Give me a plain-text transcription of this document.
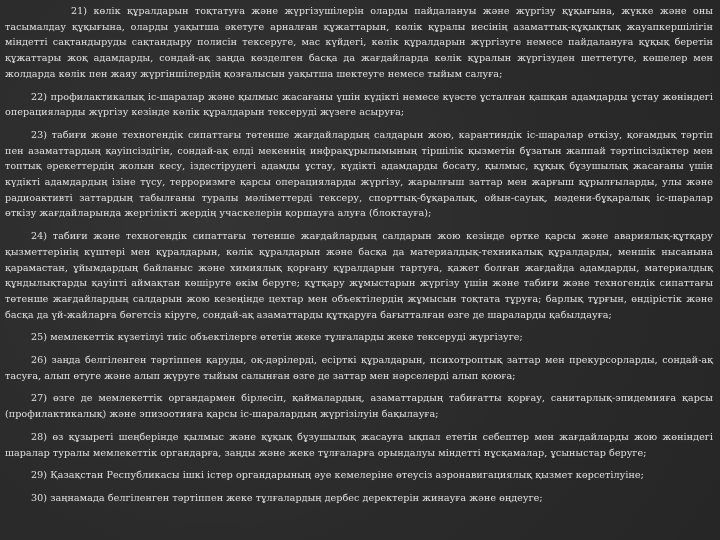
21) көлік құралдарын тоқтатуға және жүргізушілерін оларды пайдалануы және жүргізу құқығына, жүкке және оны тасымалдау құқығына, оларды уақытша әкетуге арналған құжаттарын, көлік құралы иесінің азаматтық-құқықтық жауапкершілігін міндетті сақтандыруды сақтандыру полисін тексеруге, мас күйдегі, көлік құралдарын жүргізуге немесе пайдалануға құқық беретін құжаттары жоқ адамдарды, сондай-ақ заңда көзделген басқа да жағдайларда көлік құралын жүргізуден шеттетуге, көшелер мен жолдарда көлік пен жаяу жүргіншілердің қозғалысын уақытша шектеуге немесе тыйым салуға;

22) профилактикалық іс-шаралар және қылмыс жасағаны үшін күдікті немесе күәсте ұсталған қашқан адамдарды ұстау жөніндегі операцияларды жүргізу кезінде көлік құралдарын тексеруді жүзеге асыруға;

23) табиғи және техногендік сипаттағы төтенше жағдайлардың салдарын жою, карантиндік іс-шаралар өткізу, қоғамдық тәртіп пен азаматтардың қауіпсіздігін, сондай-ақ елді мекеннің инфрақұрылымының тіршілік қызметін бұзатын жаппай тәртіпсіздіктер мен топтық әрекеттердің жолын кесу, іздестірудегі адамды ұстау, күдікті адамдарды босату, қылмыс, құқық бұзушылық жасағаны үшін күдікті адамдардың ізіне түсу, терроризмге қарсы операцияларды жүргізу, жарылғыш заттар мен жарғыш құрылғыларды, улы және радиоактивті заттардың табылғаны туралы мәліметтерді тексеру, спорттық-бұқаралық, ойын-сауық, мәдени-бұқаралық іс-шаралар өткізу жағдайларында жергілікті жердің учаскелерін қоршауға алуға (блоктауға);

24) табиғи және техногендік сипаттағы төтенше жағдайлардың салдарын жою кезінде өртке қарсы және авариялық-құтқару қызметтерінің күштері мен құралдарын, көлік құралдарын және басқа да материалдық-техникалық құралдарды, меншік нысанына қарамастан, ұйымдардың байланыс және химиялық қорғану құралдарын тартуға, қажет болған жағдайда адамдарды, материалдық құндылықтарды қауіпті аймақтан көшіруге өкім беруге; құтқару жұмыстарын жүргізу үшін және табиғи және техногендік сипаттағы төтенше жағдайлардың салдарын жою кезеңінде цехтар мен объектілердің жұмысын тоқтата тұруға; барлық тұрғын, өндірістік және басқа да үй-жайларға бөгетсіз кіруге, сондай-ақ азаматтарды құтқаруға бағытталған өзге де шараларды қабылдауға;

25) мемлекеттік күзетілуі тиіс объектілерге өтетін жеке тұлғаларды жеке тексеруді жүргізуге;

26) заңда белгіленген тәртіппен қаруды, оқ-дәрілерді, есірткі құралдарын, психотроптық заттар мен прекурсорларды, сондай-ақ тасуға, алып өтуге және алып жүруге тыйым салынған өзге де заттар мен нәрселерді алып қоюға;

27) өзге де мемлекеттік органдармен бірлесіп, қаймалардың, азаматтардың табиғатты қорғау, санитарлық-эпидемияға қарсы (профилактикалық) және эпизоотияға қарсы іс-шаралардың жүргізілуін бақылауға;

28) өз құзыреті шеңберінде қылмыс және құқық бұзушылық жасауға ықпал ететін себептер мен жағдайларды жою жөніндегі шаралар туралы мемлекеттік органдарға, заңды және жеке тұлғаларға орындалуы міндетті нұсқамалар, ұсыныстар беруге;

29) Қазақстан Республикасы ішкі істер органдарының әуе кемелеріне өтеусіз аэронавигациялық қызмет көрсетілуіне;

30) заңнамада белгіленген тәртіппен жеке тұлғалардың дербес деректерін жинауға және өңдеуге;
